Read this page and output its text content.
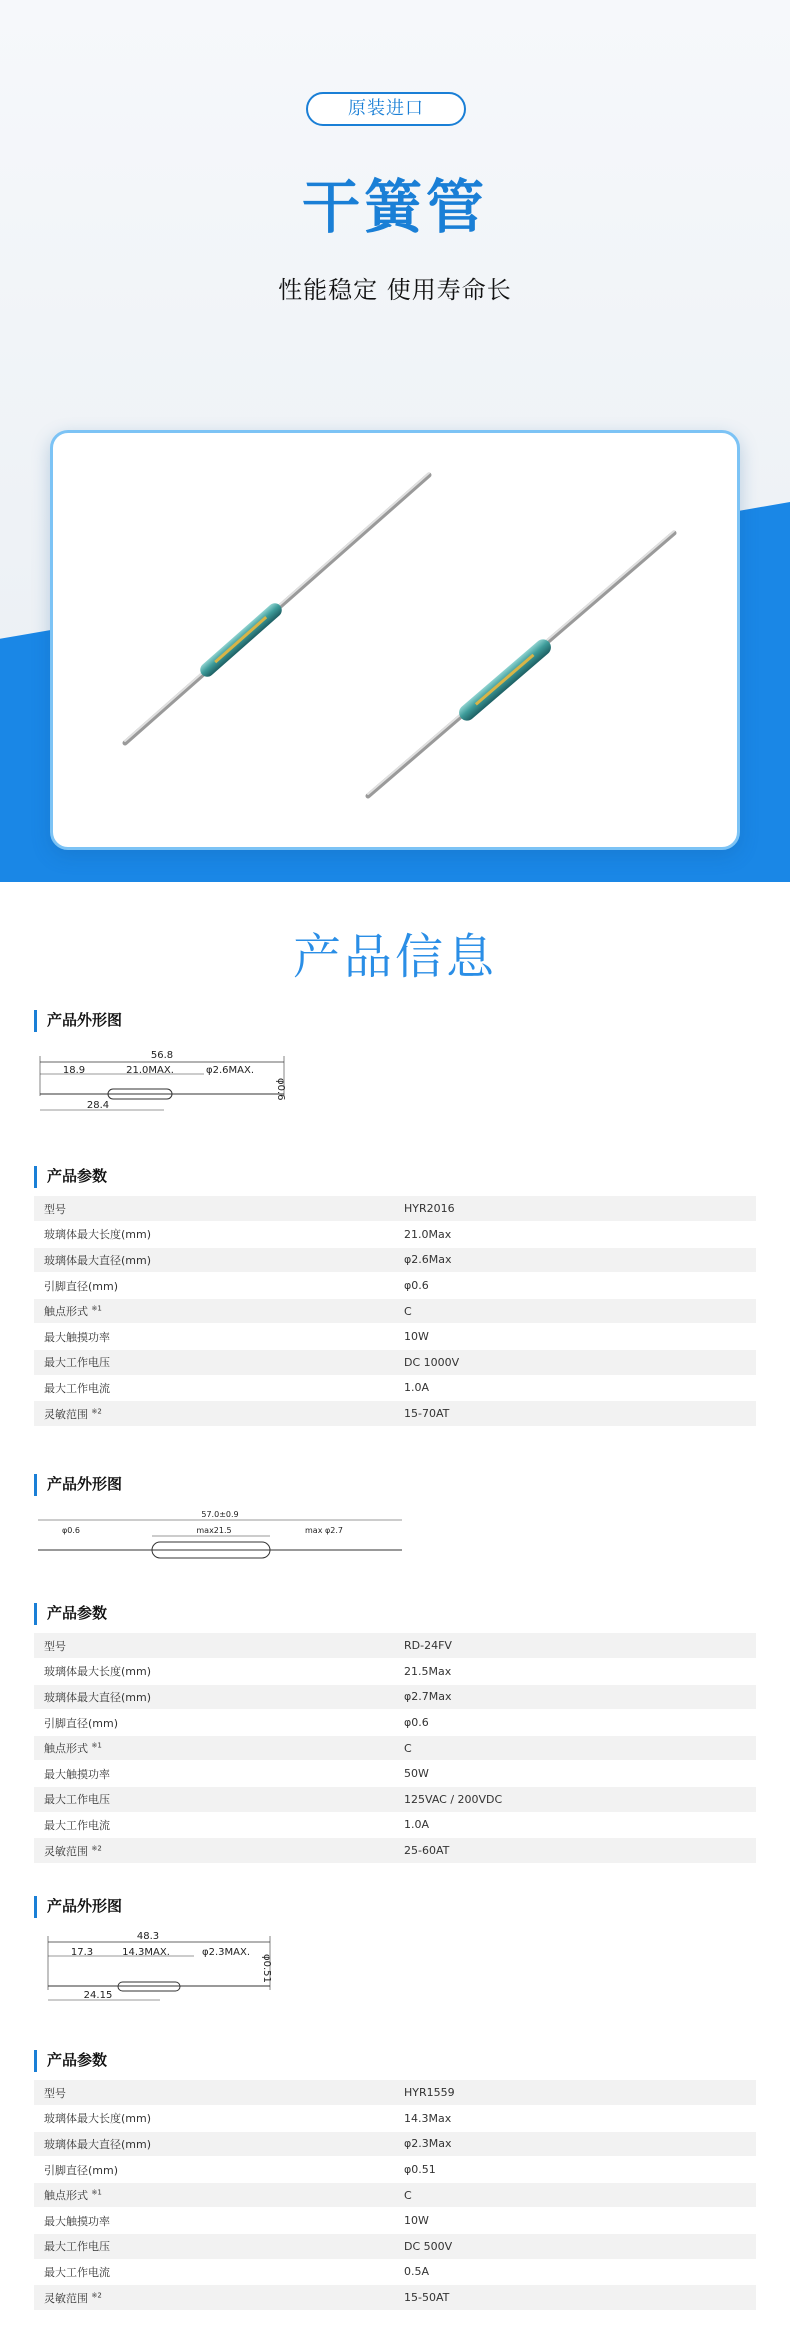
原装进口
干簧管
性能稳定 使用寿命长
产品信息
产品外形图
56.8
18.9	21.0MAX.	φ2.6MAX.
φ0.6
28.4
产品参数
型号	HYR2016
玻璃体最大长度(mm)	21.0Max
玻璃体最大直径(mm)	φ2.6Max
引脚直径(mm)	φ0.6
触点形式 $^{※1}$	C
最大触摸功率	10W
最大工作电压	DC 1000V
最大工作电流	1.0A
灵敏范围 $^{※2}$	15-70AT
产品外形图
57.0±0.9
φ0.6	max21.5	max φ2.7
产品参数
型号	RD-24FV
玻璃体最大长度(mm)	21.5Max
玻璃体最大直径(mm)	φ2.7Max
引脚直径(mm)	φ0.6
触点形式 $^{※1}$	C
最大触摸功率	50W
最大工作电压	125VAC / 200VDC
最大工作电流	1.0A
灵敏范围 $^{※2}$	25-60AT
产品外形图
48.3
17.3	14.3MAX.	φ2.3MAX.
φ0.51
24.15
产品参数
型号	HYR1559
玻璃体最大长度(mm)	14.3Max
玻璃体最大直径(mm)	φ2.3Max
引脚直径(mm)	φ0.51
触点形式 $^{※1}$	C
最大触摸功率	10W
最大工作电压	DC 500V
最大工作电流	0.5A
灵敏范围 $^{※2}$	15-50AT
